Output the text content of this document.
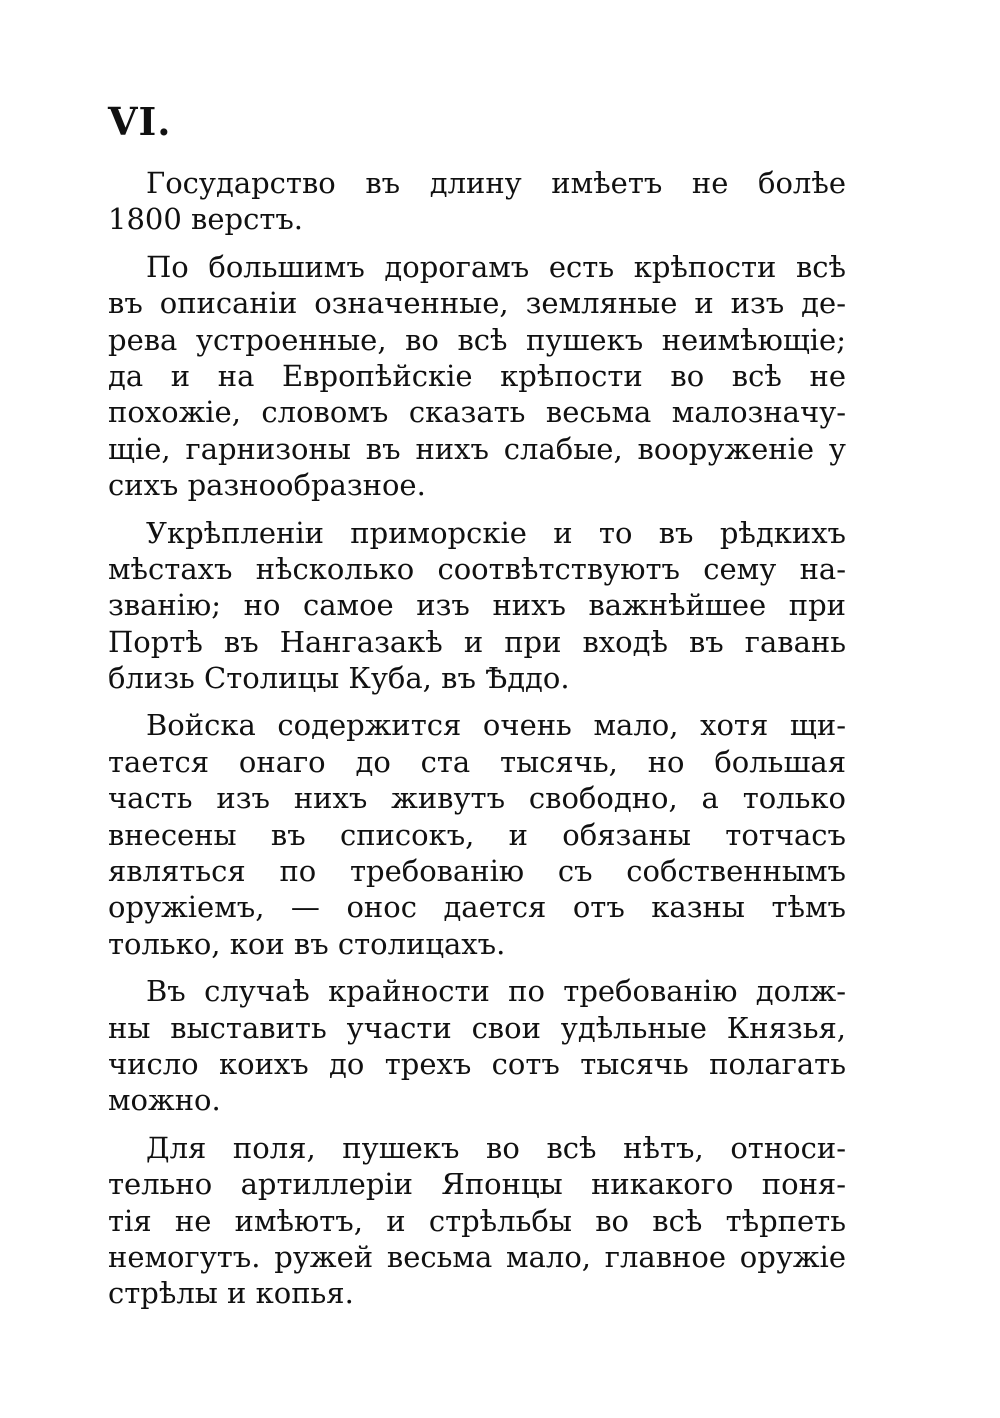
VI.
Государство въ длину имѣетъ не болѣе
1800 верстъ.
По большимъ дорогамъ есть крѣпости всѣ
въ описанiи означенные, земляные и изъ де-
рева устроенные, во всѣ пушекъ неимѣющiе;
да и на Европѣйскiе крѣпости во всѣ не
похожiе, словомъ сказать весьма малозначу-
щiе, гарнизоны въ нихъ слабые, вооруженiе у
сихъ разнообразное.
Укрѣпленiи приморскiе и то въ рѣдкихъ
мѣстахъ нѣсколько соотвѣтствуютъ сему на-
званiю; но самое изъ нихъ важнѣйшее при
Портѣ въ Нангазакѣ и при входѣ въ гавань
близь Столицы Куба, въ Ѣддо.
Войска содержится очень мало, хотя щи-
тается онаго до ста тысячь, но большая
часть изъ нихъ живутъ свободно, а только
внесены въ списокъ, и обязаны тотчасъ
являться по требованiю съ собственнымъ
оружiемъ, — онос дается отъ казны тѣмъ
только, кои въ столицахъ.
Въ случаѣ крайности по требованiю долж-
ны выставить участи свои удѣльные Князья,
число коихъ до трехъ сотъ тысячь полагать
можно.
Для поля, пушекъ во всѣ нѣтъ, относи-
тельно артиллерiи Японцы никакого поня-
тiя не имѣютъ, и стрѣльбы во всѣ тѣрпеть
немогутъ. ружей весьма мало, главное оружiе
стрѣлы и копья.
